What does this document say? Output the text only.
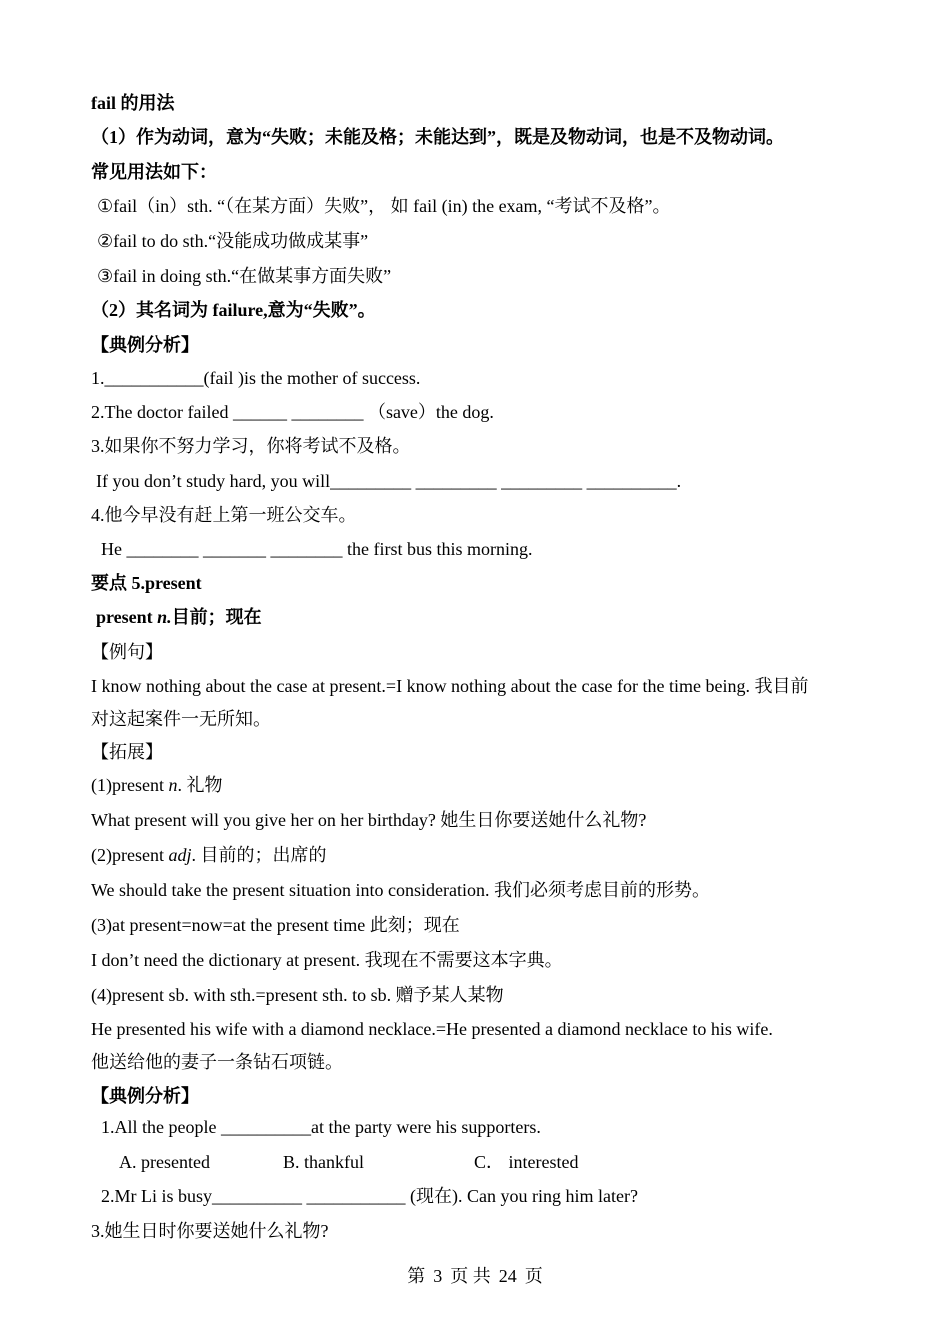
fail 的用法
（1）作为动词，意为“失败；未能及格；未能达到”，既是及物动词，也是不及物动词。
常见用法如下：
①fail（in）sth. “（在某方面）失败”， 如 fail (in) the exam, “考试不及格”。
②fail to do sth.“没能成功做成某事”
③fail in doing sth.“在做某事方面失败”
（2）其名词为 failure,意为“失败”。
【典例分析】
1.___________(fail )is the mother of success.
2.The doctor failed ______ ________ （save）the dog.
3.如果你不努力学习，你将考试不及格。
If you don’t study hard, you will_________ _________ _________ __________.
4.他今早没有赶上第一班公交车。
He ________ _______ ________ the first bus this morning.
要点 5.present
present n.目前；现在
【例句】
I know nothing about the case at present.=I know nothing about the case for the time being. 我目前
对这起案件一无所知。
【拓展】
(1)present n. 礼物
What present will you give her on her birthday? 她生日你要送她什么礼物?
(2)present adj. 目前的；出席的
We should take the present situation into consideration. 我们必须考虑目前的形势。
(3)at present=now=at the present time 此刻；现在
I don’t need the dictionary at present. 我现在不需要这本字典。
(4)present sb. with sth.=present sth. to sb. 赠予某人某物
He presented his wife with a diamond necklace.=He presented a diamond necklace to his wife.
他送给他的妻子一条钻石项链。
【典例分析】
1.All the people __________at the party were his supporters.
A. presented	B. thankful	C． interested
2.Mr Li is busy__________ ___________ (现在). Can you ring him later?
3.她生日时你要送她什么礼物?
第 3 页 共 24 页
